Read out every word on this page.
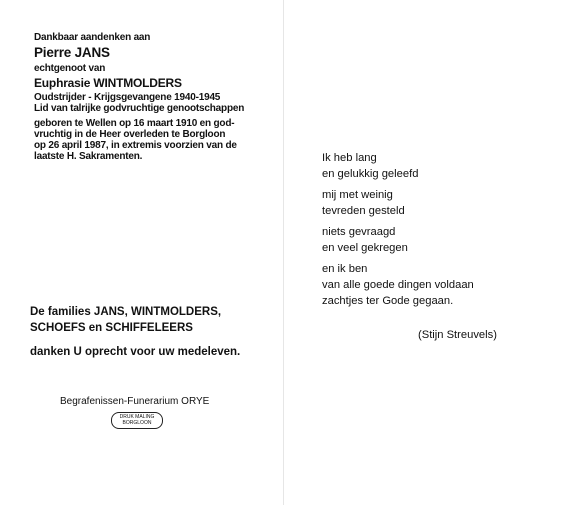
Dankbaar aandenken aan
Pierre JANS
echtgenoot van
Euphrasie WINTMOLDERS
Oudstrijder - Krijgsgevangene 1940-1945
Lid van talrijke godvruchtige genootschappen
geboren te Wellen op 16 maart 1910 en god-
vruchtig in de Heer overleden te Borgloon
op 26 april 1987, in extremis voorzien van de
laatste H. Sakramenten.
De families JANS, WINTMOLDERS,
SCHOEFS en SCHIFFELEERS
danken U oprecht voor uw medeleven.
Begrafenissen-Funerarium ORYE
DRUK MALING
BORGLOON
Ik heb lang
en gelukkig geleefd
mij met weinig
tevreden gesteld
niets gevraagd
en veel gekregen
en ik ben
van alle goede dingen voldaan
zachtjes ter Gode gegaan.
(Stijn Streuvels)
